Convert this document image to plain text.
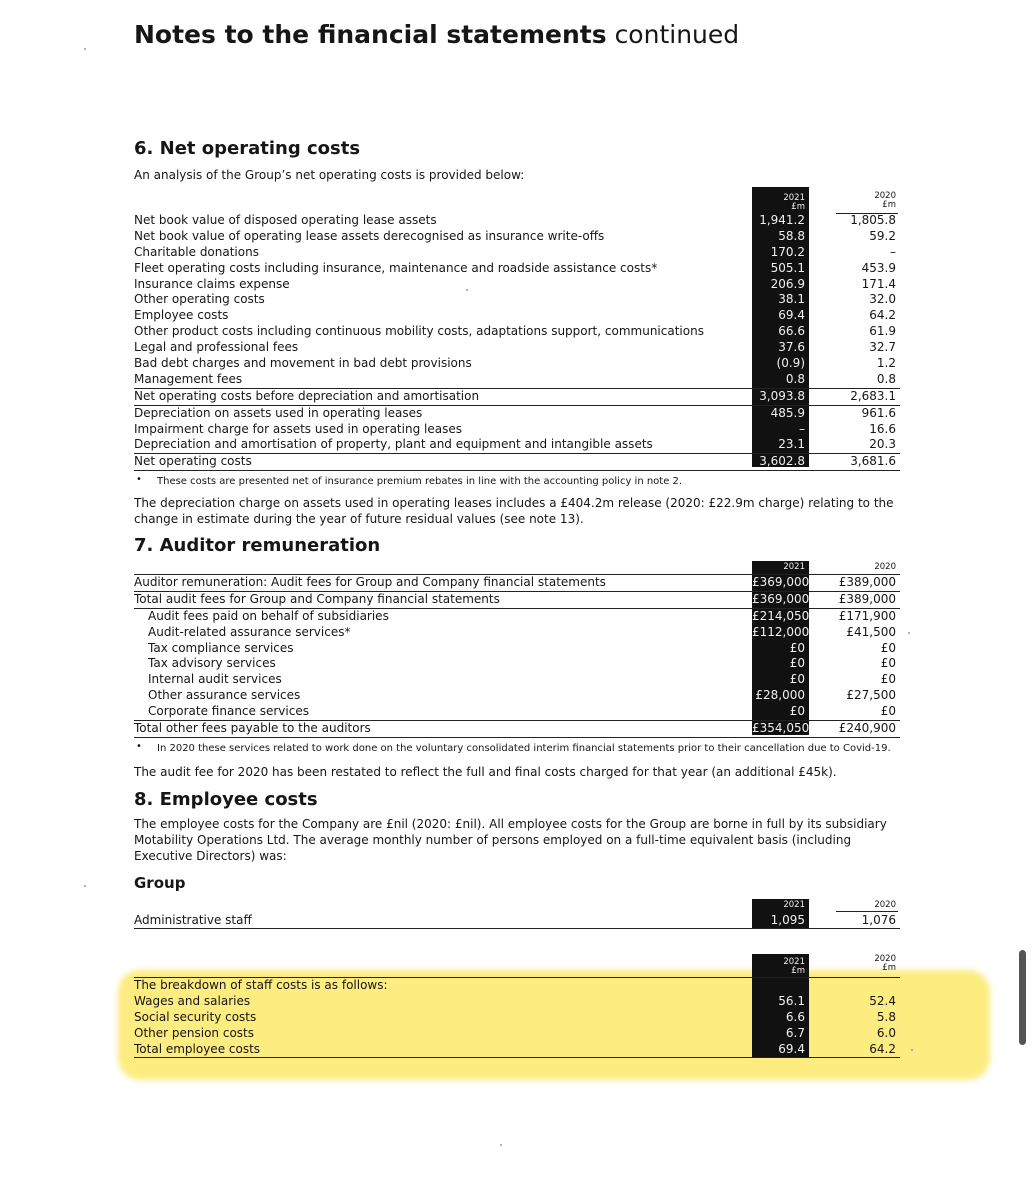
Notes to the financial statements continued
6. Net operating costs
An analysis of the Group’s net operating costs is provided below:
2021
£m
2020
£m
Net book value of disposed operating lease assets	1,941.2	1,805.8
Net book value of operating lease assets derecognised as insurance write-offs	58.8	59.2
Charitable donations	170.2	–
Fleet operating costs including insurance, maintenance and roadside assistance costs*	505.1	453.9
Insurance claims expense	206.9	171.4
Other operating costs	38.1	32.0
Employee costs	69.4	64.2
Other product costs including continuous mobility costs, adaptations support, communications	66.6	61.9
Legal and professional fees	37.6	32.7
Bad debt charges and movement in bad debt provisions	(0.9)	1.2
Management fees	0.8	0.8
Net operating costs before depreciation and amortisation	3,093.8	2,683.1
Depreciation on assets used in operating leases	485.9	961.6
Impairment charge for assets used in operating leases	–	16.6
Depreciation and amortisation of property, plant and equipment and intangible assets	23.1	20.3
Net operating costs	3,602.8	3,681.6
• These costs are presented net of insurance premium rebates in line with the accounting policy in note 2.
The depreciation charge on assets used in operating leases includes a £404.2m release (2020: £22.9m charge) relating to the change in estimate during the year of future residual values (see note 13).
7. Auditor remuneration
2021	2020
Auditor remuneration: Audit fees for Group and Company financial statements	£369,000 £389,000
Total audit fees for Group and Company financial statements	£369,000 £389,000
Audit fees paid on behalf of subsidiaries	£214,050 £171,900
Audit-related assurance services*	£112,000	£41,500
Tax compliance services	£0	£0
Tax advisory services	£0	£0
Internal audit services	£0	£0
Other assurance services	£28,000	£27,500
Corporate finance services	£0	£0
Total other fees payable to the auditors	£354,050 £240,900
• In 2020 these services related to work done on the voluntary consolidated interim financial statements prior to their cancellation due to Covid-19.
The audit fee for 2020 has been restated to reflect the full and final costs charged for that year (an additional £45k).
8. Employee costs
The employee costs for the Company are £nil (2020: £nil). All employee costs for the Group are borne in full by its subsidiary Motability Operations Ltd. The average monthly number of persons employed on a full-time equivalent basis (including Executive Directors) was:
Group
2021	2020
Administrative staff	1,095	1,076
2021
£m
2020
£m
The breakdown of staff costs is as follows:
Wages and salaries	56.1	52.4
Social security costs	6.6	5.8
Other pension costs	6.7	6.0
Total employee costs	69.4	64.2
